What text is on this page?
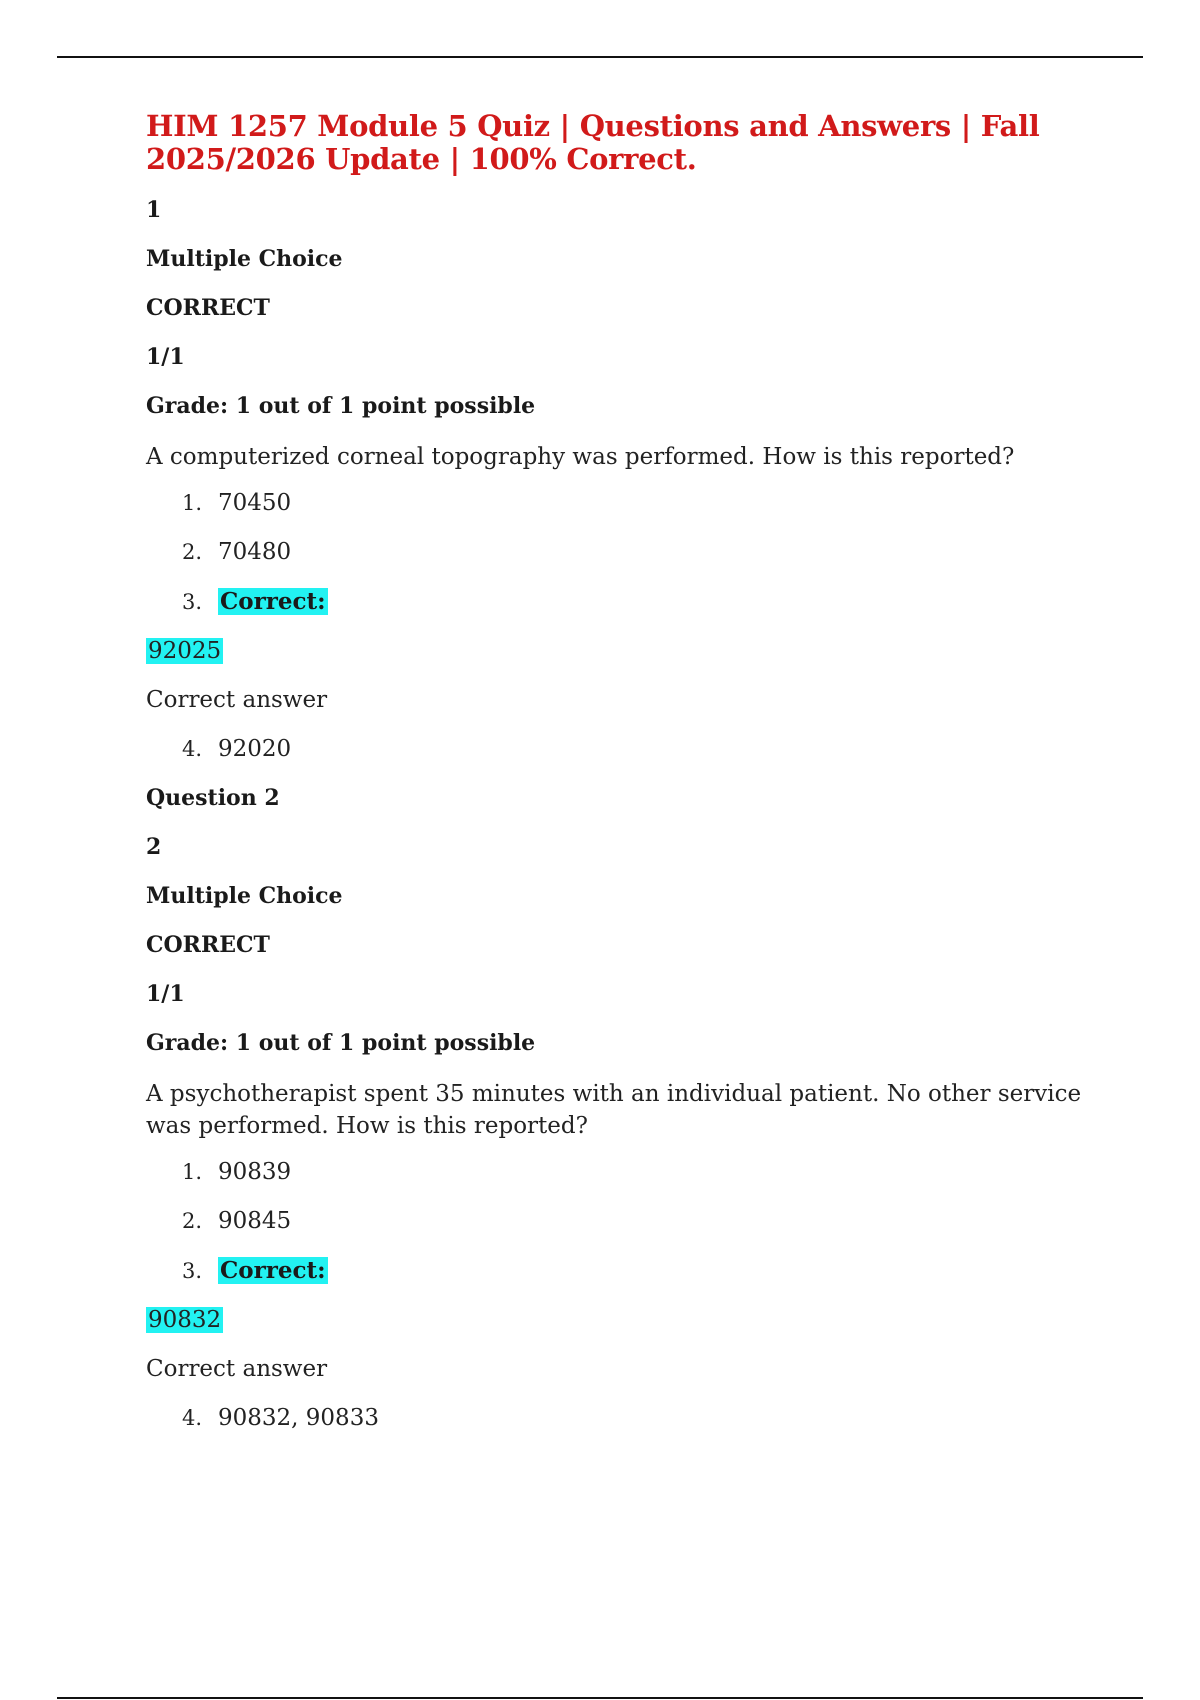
HIM 1257 Module 5 Quiz | Questions and Answers | Fall 2025/2026 Update | 100% Correct.
1
Multiple Choice
CORRECT
1/1
Grade: 1 out of 1 point possible
A computerized corneal topography was performed. How is this reported?
1. 70450
2. 70480
3. Correct:
92025
Correct answer
4. 92020
Question 2
2
Multiple Choice
CORRECT
1/1
Grade: 1 out of 1 point possible
A psychotherapist spent 35 minutes with an individual patient. No other service was performed. How is this reported?
1. 90839
2. 90845
3. Correct:
90832
Correct answer
4. 90832, 90833
